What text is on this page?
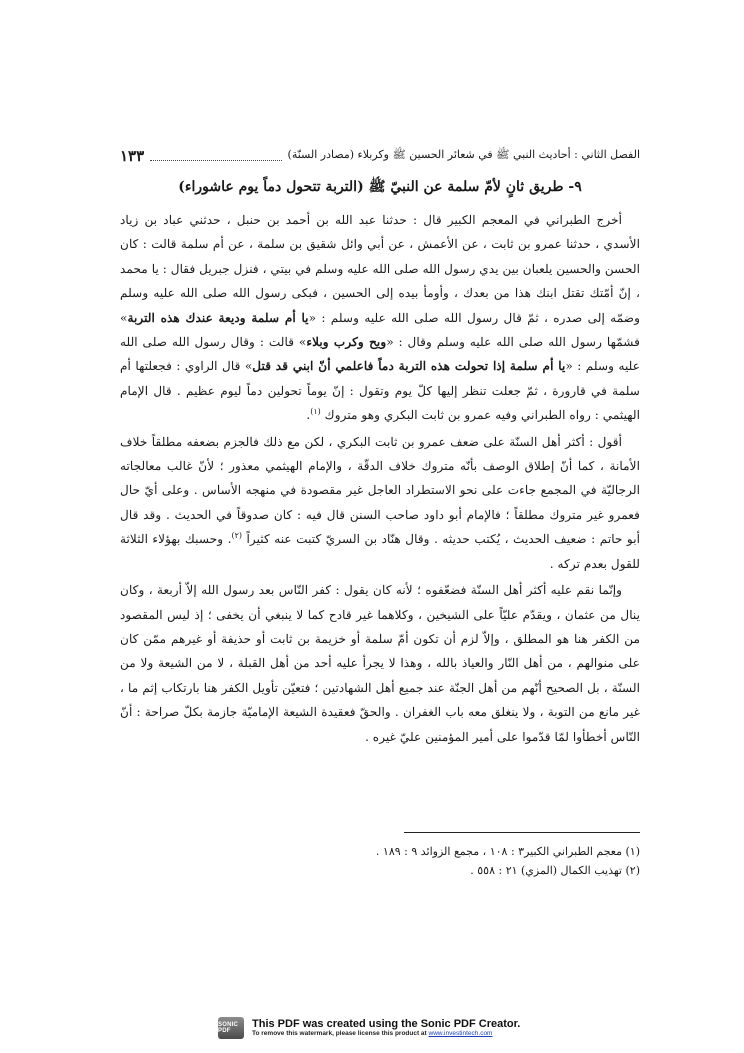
الفصل الثاني : أحاديث النبي ﷺ في شعائر الحسين ﷺ وكربلاء (مصادر السنّة)
١٣٣
٩- طريق ثانٍ لأمّ سلمة عن النبيّ ﷺ (التربة تتحول دماً يوم عاشوراء)

أخرج الطبراني في المعجم الكبير قال : حدثنا عبد الله بن أحمد بن حنبل ، حدثني عباد بن زياد الأسدي ، حدثنا عمرو بن ثابت ، عن الأعمش ، عن أبي وائل شقيق بن سلمة ، عن أم سلمة قالت : كان الحسن والحسين يلعبان بين يدي رسول الله صلى الله عليه وسلم في بيتي ، فنزل جبريل فقال : يا محمد ، إنّ أمّتك تقتل ابنك هذا من بعدك ، وأومأ بيده إلى الحسين ، فبكى رسول الله صلى الله عليه وسلم وضمّه إلى صدره ، ثمّ قال رسول الله صلى الله عليه وسلم : «يا أم سلمة وديعة عندك هذه التربة» فشمّها رسول الله صلى الله عليه وسلم وقال : «ويح وكرب وبلاء» قالت : وقال رسول الله صلى الله عليه وسلم : «يا أم سلمة إذا تحولت هذه التربة دماً فاعلمي أنّ ابني قد قتل» قال الراوي : فجعلتها أم سلمة في قارورة ، ثمّ جعلت تنظر إليها كلّ يوم وتقول : إنّ يوماً تحولين دماً ليوم عظيم . قال الإمام الهيثمي : رواه الطبراني وفيه عمرو بن ثابت البكري وهو متروك $^{(١)}$.

أقول : أكثر أهل السنّة على ضعف عمرو بن ثابت البكري ، لكن مع ذلك فالجزم بضعفه مطلقاً خلاف الأمانة ، كما أنّ إطلاق الوصف بأنّه متروك خلاف الدقّة ، والإمام الهيثمي معذور ؛ لأنّ غالب معالجاته الرجاليّة في المجمع جاءت على نحو الاستطراد العاجل غير مقصودة في منهجه الأساس . وعلى أيّ حال فعمرو غير متروك مطلقاً ؛ فالإمام أبو داود صاحب السنن قال فيه : كان صدوقاً في الحديث . وقد قال أبو حاتم : ضعيف الحديث ، يُكتب حديثه . وقال هنّاد بن السريّ كتبت عنه كثيراً $^{(٢)}$. وحسبك بهؤلاء الثلاثة للقول بعدم تركه .

وإنّما نقم عليه أكثر أهل السنّة فضعّفوه ؛ لأنه كان يقول : كفر النّاس بعد رسول الله إلاّ أربعة ، وكان ينال من عثمان ، ويقدّم عليّاً على الشيخين ، وكلاهما غير قادح كما لا ينبغي أن يخفى ؛ إذ ليس المقصود من الكفر هنا هو المطلق ، وإلاّ لزم أن تكون أمّ سلمة أو خزيمة بن ثابت أو حذيفة أو غيرهم ممّن كان على منوالهم ، من أهل النّار والعياذ بالله ، وهذا لا يجرأ عليه أحد من أهل القبلة ، لا من الشيعة ولا من السنّة ، بل الصحيح أنّهم من أهل الجنّة عند جميع أهل الشهادتين ؛ فتعيّن تأويل الكفر هنا بارتكاب إثم ما ، غير مانع من التوبة ، ولا ينغلق معه باب الغفران . والحقّ فعقيدة الشيعة الإماميّة جازمة بكلّ صراحة : أنّ النّاس أخطأوا لمّا قدّموا على أمير المؤمنين عليّ غيره .

(١) معجم الطبراني الكبير٣ : ١٠٨ ، مجمع الزوائد ٩ : ١٨٩ .
(٢) تهذيب الكمال (المزي) ٢١ : ٥٥٨ .
SONIC PDF
This PDF was created using the Sonic PDF Creator.
To remove this watermark, please license this product at www.investintech.com
